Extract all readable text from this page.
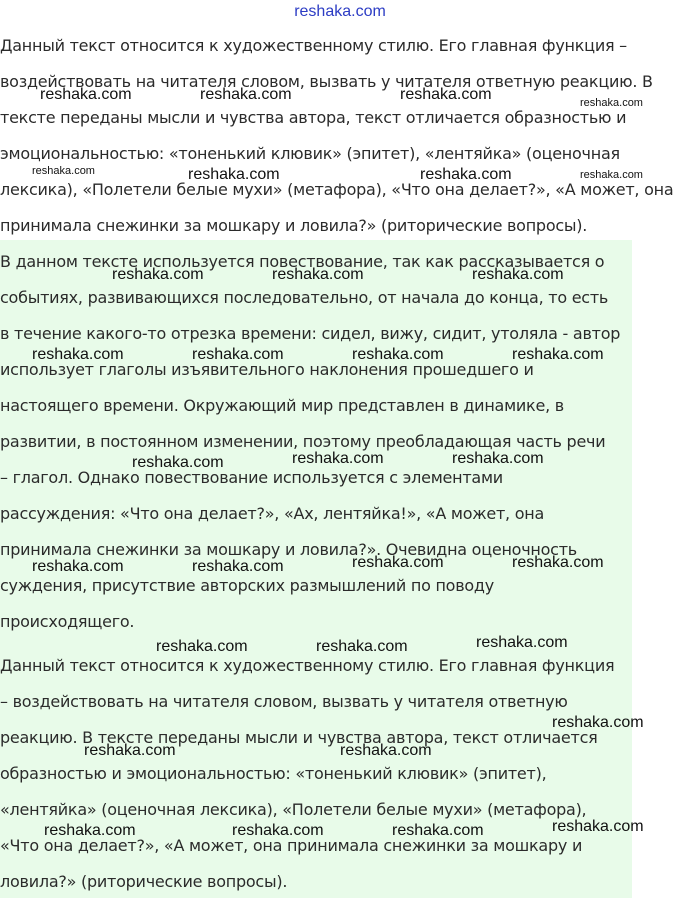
reshaka.com
Данный текст относится к художественному стилю. Его главная функция –
воздействовать на читателя словом, вызвать у читателя ответную реакцию. В
тексте переданы мысли и чувства автора, текст отличается образностью и
эмоциональностью: «тоненький клювик» (эпитет), «лентяйка» (оценочная
лексика), «Полетели белые мухи» (метафора), «Что она делает?», «А может, она
принимала снежинки за мошкару и ловила?» (риторические вопросы).
В данном тексте используется повествование, так как рассказывается о
событиях, развивающихся последовательно, от начала до конца, то есть
в течение какого-то отрезка времени: сидел, вижу, сидит, утоляла - автор
использует глаголы изъявительного наклонения прошедшего и
настоящего времени. Окружающий мир представлен в динамике, в
развитии, в постоянном изменении, поэтому преобладающая часть речи
– глагол. Однако повествование используется с элементами
рассуждения: «Что она делает?», «Ах, лентяйка!», «А может, она
принимала снежинки за мошкару и ловила?». Очевидна оценочность
суждения, присутствие авторских размышлений по поводу
происходящего.
Данный текст относится к художественному стилю. Его главная функция
– воздействовать на читателя словом, вызвать у читателя ответную
реакцию. В тексте переданы мысли и чувства автора, текст отличается
образностью и эмоциональностью: «тоненький клювик» (эпитет),
«лентяйка» (оценочная лексика), «Полетели белые мухи» (метафора),
«Что она делает?», «А может, она принимала снежинки за мошкару и
ловила?» (риторические вопросы).
reshaka.com	reshaka.com	reshaka.com	reshaka.com
reshaka.com	reshaka.com	reshaka.com	reshaka.com
reshaka.com	reshaka.com	reshaka.com
reshaka.com	reshaka.com	reshaka.com	reshaka.com
reshaka.com	reshaka.com	reshaka.com
reshaka.com	reshaka.com	reshaka.com	reshaka.com
reshaka.com	reshaka.com	reshaka.com
reshaka.com
reshaka.com	reshaka.com
reshaka.com	reshaka.com	reshaka.com	reshaka.com
